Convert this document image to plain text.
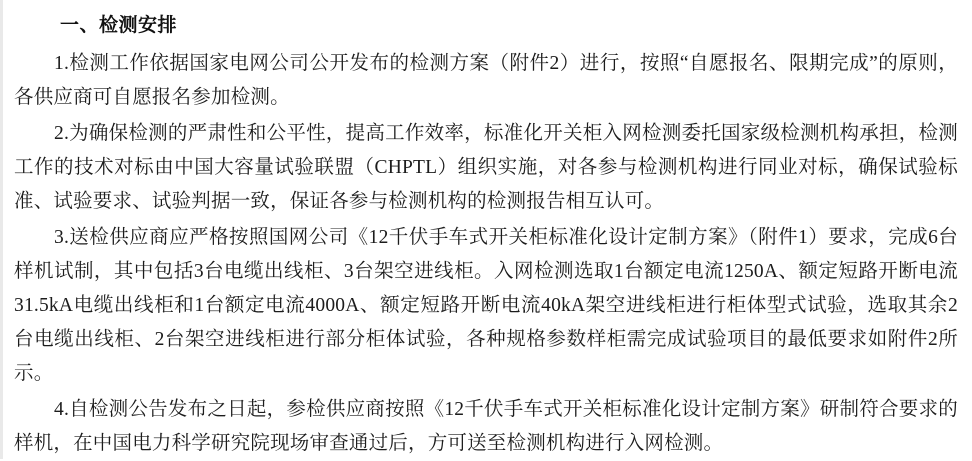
一、检测安排

1.检测工作依据国家电网公司公开发布的检测方案（附件2）进行，按照“自愿报名、限期完成”的原则，各供应商可自愿报名参加检测。

2.为确保检测的严肃性和公平性，提高工作效率，标准化开关柜入网检测委托国家级检测机构承担，检测工作的技术对标由中国大容量试验联盟（CHPTL）组织实施，对各参与检测机构进行同业对标，确保试验标准、试验要求、试验判据一致，保证各参与检测机构的检测报告相互认可。

3.送检供应商应严格按照国网公司《12千伏手车式开关柜标准化设计定制方案》（附件1）要求，完成6台样机试制，其中包括3台电缆出线柜、3台架空进线柜。入网检测选取1台额定电流1250A、额定短路开断电流31.5kA电缆出线柜和1台额定电流4000A、额定短路开断电流40kA架空进线柜进行柜体型式试验，选取其余2台电缆出线柜、2台架空进线柜进行部分柜体试验，各种规格参数样柜需完成试验项目的最低要求如附件2所示。

4.自检测公告发布之日起，参检供应商按照《12千伏手车式开关柜标准化设计定制方案》研制符合要求的样机，在中国电力科学研究院现场审查通过后，方可送至检测机构进行入网检测。
